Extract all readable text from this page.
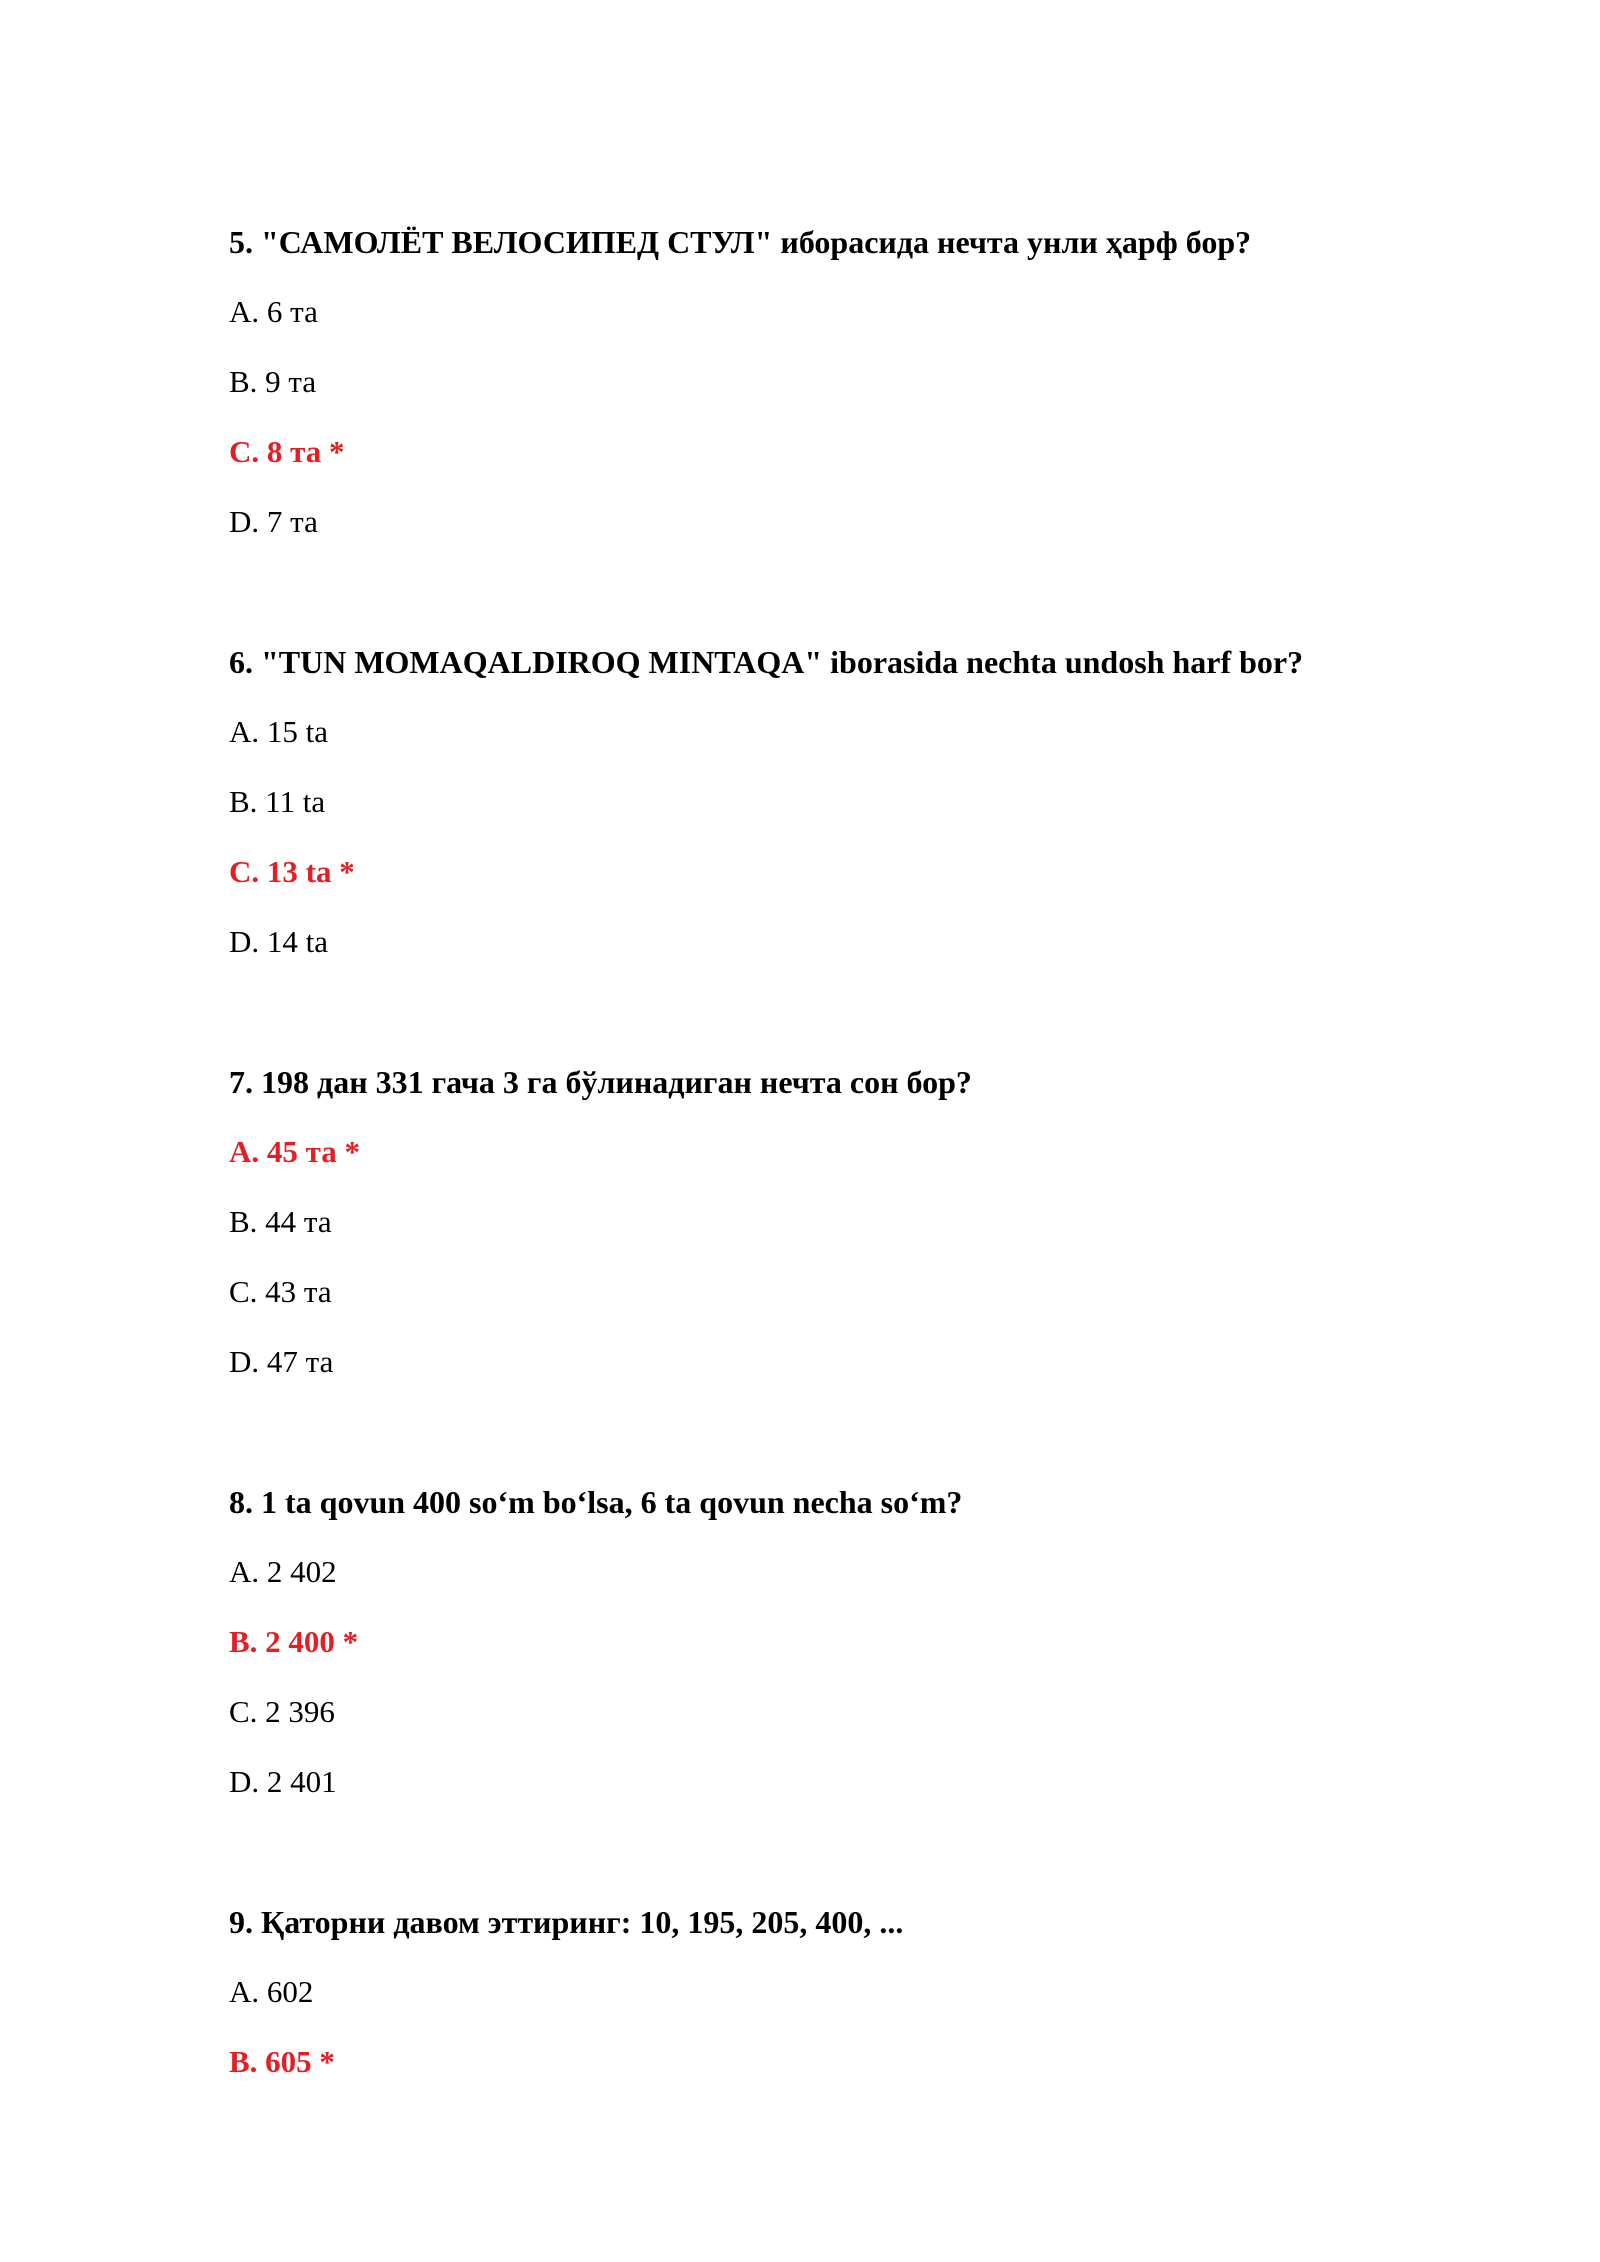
5. "САМОЛЁТ ВЕЛОСИПЕД СТУЛ" иборасида нечта унли ҳарф бор?
A. 6 та
B. 9 та
C. 8 та *
D. 7 та
6. "TUN MOMAQALDIROQ MINTAQA" iborasida nechta undosh harf bor?
A. 15 ta
B. 11 ta
C. 13 ta *
D. 14 ta
7. 198 дан 331 гача 3 га бўлинадиган нечта сон бор?
A. 45 та *
B. 44 та
C. 43 та
D. 47 та
8. 1 ta qovun 400 so‘m bo‘lsa, 6 ta qovun necha so‘m?
A. 2 402
B. 2 400 *
C. 2 396
D. 2 401
9. Қаторни давом эттиринг: 10, 195, 205, 400, ...
A. 602
B. 605 *
